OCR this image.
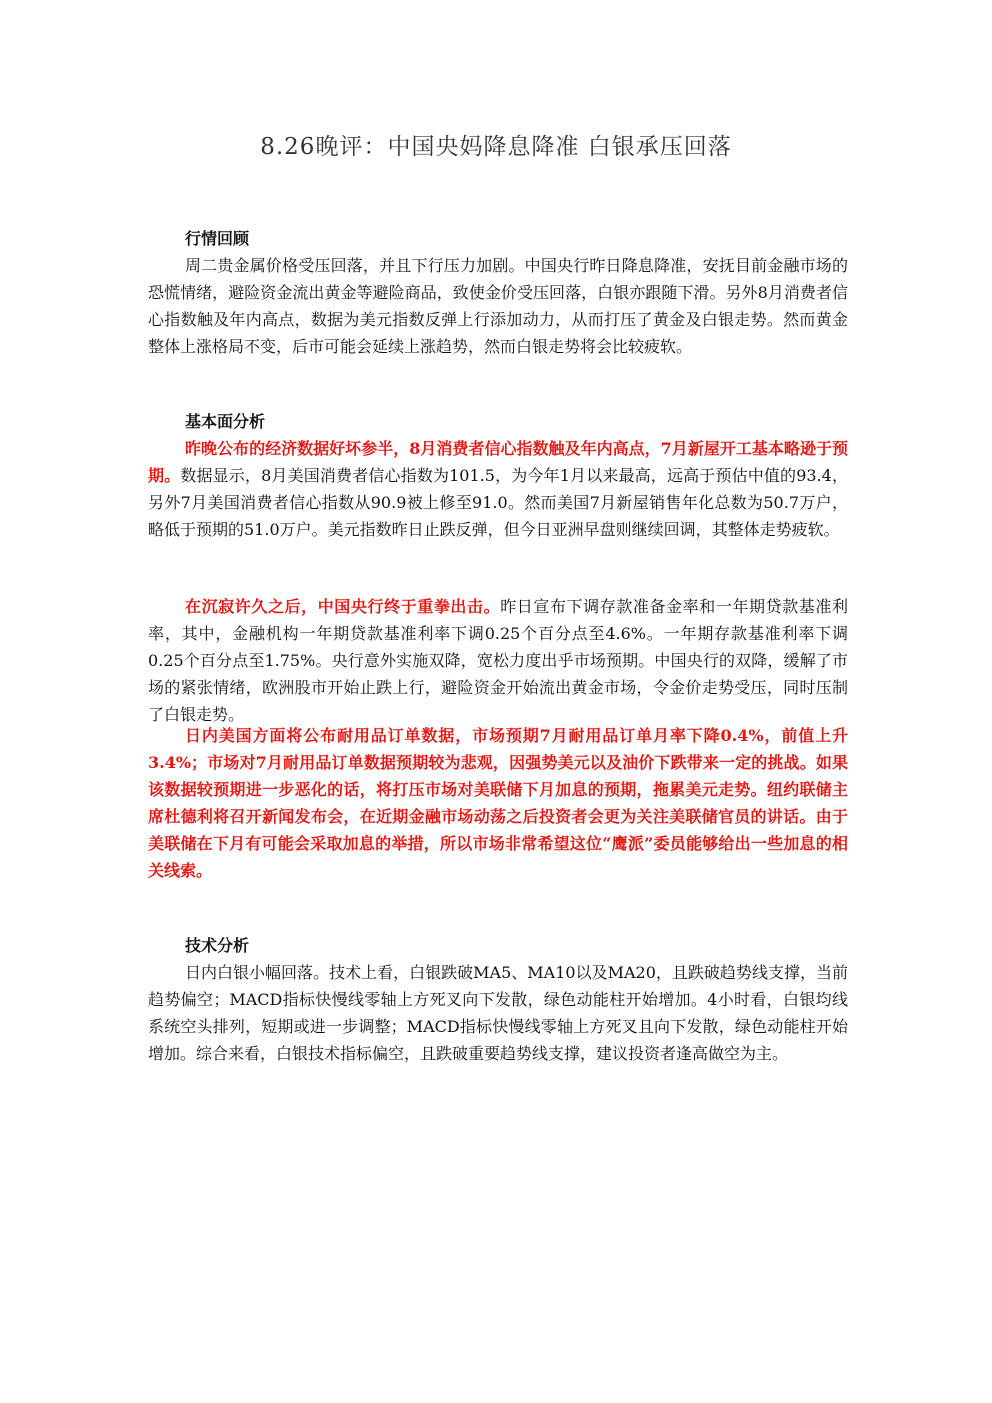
8.26晚评：中国央妈降息降准 白银承压回落
行情回顾

周二贵金属价格受压回落，并且下行压力加剧。中国央行昨日降息降准，安抚目前金融市场的恐慌情绪，避险资金流出黄金等避险商品，致使金价受压回落，白银亦跟随下滑。另外8月消费者信心指数触及年内高点，数据为美元指数反弹上行添加动力，从而打压了黄金及白银走势。然而黄金整体上涨格局不变，后市可能会延续上涨趋势，然而白银走势将会比较疲软。

基本面分析

昨晚公布的经济数据好坏参半，8月消费者信心指数触及年内高点，7月新屋开工基本略逊于预期。数据显示，8月美国消费者信心指数为101.5，为今年1月以来最高，远高于预估中值的93.4，另外7月美国消费者信心指数从90.9被上修至91.0。然而美国7月新屋销售年化总数为50.7万户，略低于预期的51.0万户。美元指数昨日止跌反弹，但今日亚洲早盘则继续回调，其整体走势疲软。

在沉寂许久之后，中国央行终于重拳出击。昨日宣布下调存款准备金率和一年期贷款基准利率，其中，金融机构一年期贷款基准利率下调0.25个百分点至4.6%。一年期存款基准利率下调0.25个百分点至1.75%。央行意外实施双降，宽松力度出乎市场预期。中国央行的双降，缓解了市场的紧张情绪，欧洲股市开始止跌上行，避险资金开始流出黄金市场，令金价走势受压，同时压制了白银走势。

日内美国方面将公布耐用品订单数据，市场预期7月耐用品订单月率下降0.4%，前值上升3.4%；市场对7月耐用品订单数据预期较为悲观，因强势美元以及油价下跌带来一定的挑战。如果该数据较预期进一步恶化的话，将打压市场对美联储下月加息的预期，拖累美元走势。纽约联储主席杜德利将召开新闻发布会，在近期金融市场动荡之后投资者会更为关注美联储官员的讲话。由于美联储在下月有可能会采取加息的举措，所以市场非常希望这位“鹰派”委员能够给出一些加息的相关线索。

技术分析

日内白银小幅回落。技术上看，白银跌破MA5、MA10以及MA20，且跌破趋势线支撑，当前趋势偏空；MACD指标快慢线零轴上方死叉向下发散，绿色动能柱开始增加。4小时看，白银均线系统空头排列，短期或进一步调整；MACD指标快慢线零轴上方死叉且向下发散，绿色动能柱开始增加。综合来看，白银技术指标偏空，且跌破重要趋势线支撑，建议投资者逢高做空为主。
